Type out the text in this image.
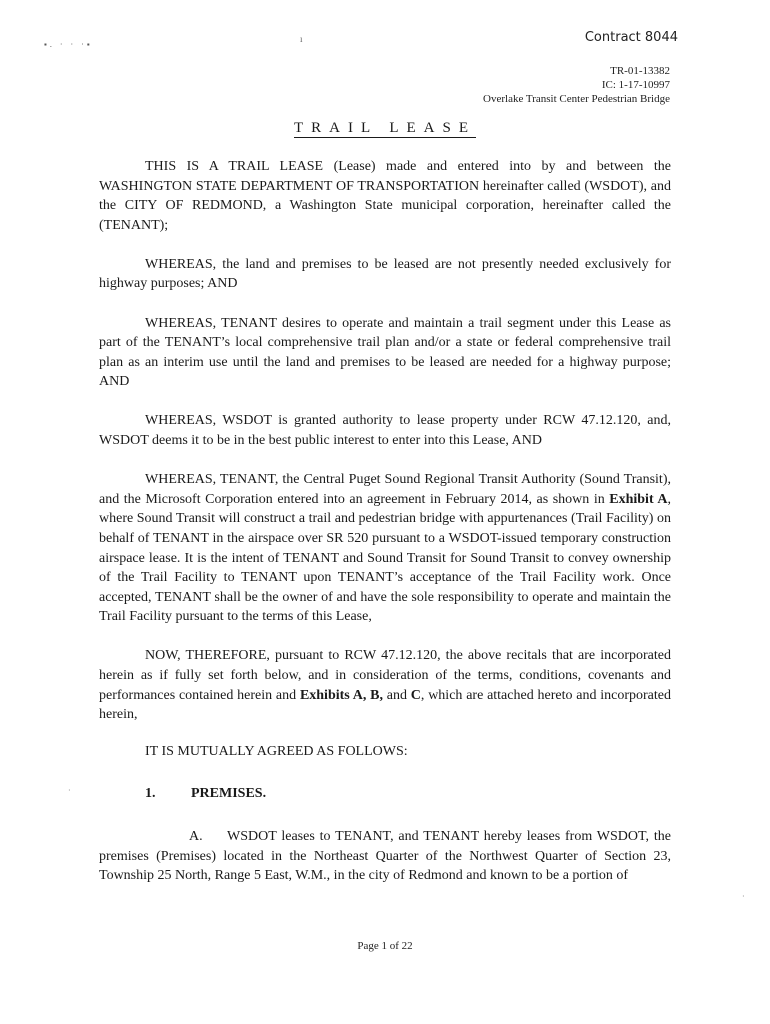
▪. · · ·▪
ı	Contract 8044
TR-01-13382
IC: 1-17-10997
Overlake Transit Center Pedestrian Bridge
TRAIL LEASE

THIS IS A TRAIL LEASE (Lease) made and entered into by and between the WASHINGTON STATE DEPARTMENT OF TRANSPORTATION hereinafter called (WSDOT), and the CITY OF REDMOND, a Washington State municipal corporation, hereinafter called the (TENANT);

WHEREAS, the land and premises to be leased are not presently needed exclusively for highway purposes; AND

WHEREAS, TENANT desires to operate and maintain a trail segment under this Lease as part of the TENANT’s local comprehensive trail plan and/or a state or federal comprehensive trail plan as an interim use until the land and premises to be leased are needed for a highway purpose; AND

WHEREAS, WSDOT is granted authority to lease property under RCW 47.12.120, and, WSDOT deems it to be in the best public interest to enter into this Lease, AND

WHEREAS, TENANT, the Central Puget Sound Regional Transit Authority (Sound Transit), and the Microsoft Corporation entered into an agreement in February 2014, as shown in Exhibit A, where Sound Transit will construct a trail and pedestrian bridge with appurtenances (Trail Facility) on behalf of TENANT in the airspace over SR 520 pursuant to a WSDOT-issued temporary construction airspace lease. It is the intent of TENANT and Sound Transit for Sound Transit to convey ownership of the Trail Facility to TENANT upon TENANT’s acceptance of the Trail Facility work. Once accepted, TENANT shall be the owner of and have the sole responsibility to operate and maintain the Trail Facility pursuant to the terms of this Lease,

NOW, THEREFORE, pursuant to RCW 47.12.120, the above recitals that are incorporated herein as if fully set forth below, and in consideration of the terms, conditions, covenants and performances contained herein and Exhibits A, B, and C, which are attached hereto and incorporated herein,

IT IS MUTUALLY AGREED AS FOLLOWS:

1.	PREMISES.

A. WSDOT leases to TENANT, and TENANT hereby leases from WSDOT, the premises (Premises) located in the Northeast Quarter of the Northwest Quarter of Section 23, Township 25 North, Range 5 East, W.M., in the city of Redmond and known to be a portion of

·
·
Page 1 of 22
